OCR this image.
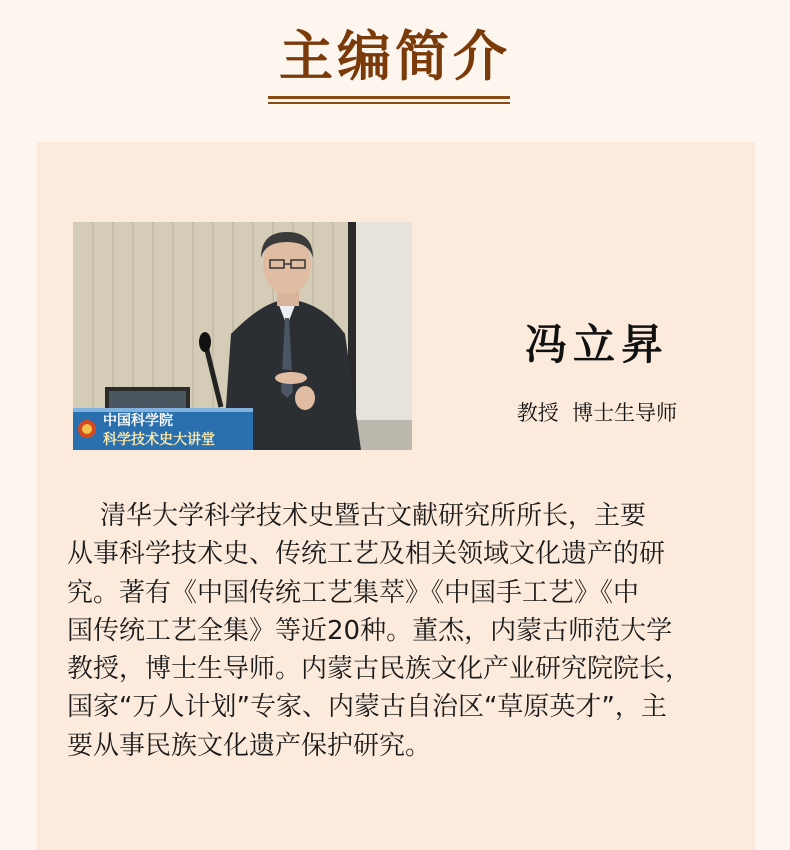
主编简介
中国科学院
科学技术史大讲堂
冯立昇
教授  博士生导师
清华大学科学技术史暨古文献研究所所长，主要
从事科学技术史、传统工艺及相关领域文化遗产的研
究。著有《中国传统工艺集萃》《中国手工艺》《中
国传统工艺全集》等近20种。董杰，内蒙古师范大学
教授，博士生导师。内蒙古民族文化产业研究院院长，
国家“万人计划”专家、内蒙古自治区“草原英才”，主
要从事民族文化遗产保护研究。
